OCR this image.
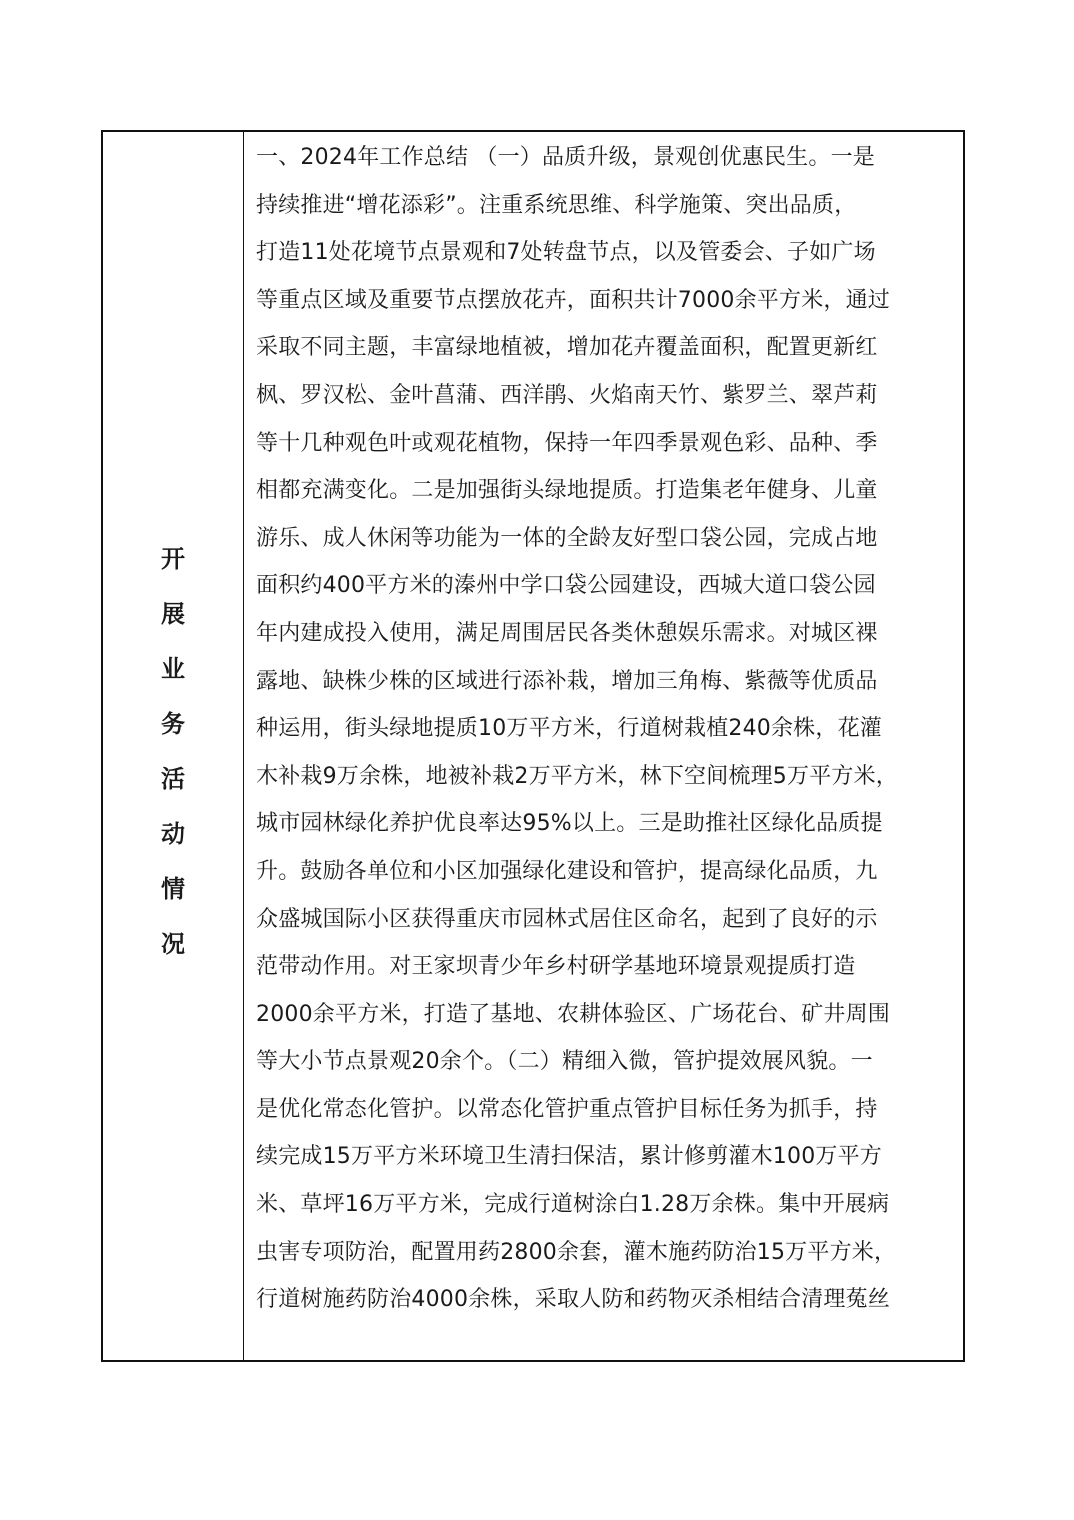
开
展
业
务
活
动
情
况
一、2024年工作总结 （一）品质升级，景观创优惠民生。一是
持续推进“增花添彩”。注重系统思维、科学施策、突出品质，
打造11处花境节点景观和7处转盘节点，以及管委会、子如广场
等重点区域及重要节点摆放花卉，面积共计7000余平方米，通过
采取不同主题，丰富绿地植被，增加花卉覆盖面积，配置更新红
枫、罗汉松、金叶菖蒲、西洋鹃、火焰南天竹、紫罗兰、翠芦莉
等十几种观色叶或观花植物，保持一年四季景观色彩、品种、季
相都充满变化。二是加强街头绿地提质。打造集老年健身、儿童
游乐、成人休闲等功能为一体的全龄友好型口袋公园，完成占地
面积约400平方米的溱州中学口袋公园建设，西城大道口袋公园
年内建成投入使用，满足周围居民各类休憩娱乐需求。对城区裸
露地、缺株少株的区域进行添补栽，增加三角梅、紫薇等优质品
种运用，街头绿地提质10万平方米，行道树栽植240余株，花灌
木补栽9万余株，地被补栽2万平方米，林下空间梳理5万平方米，
城市园林绿化养护优良率达95%以上。三是助推社区绿化品质提
升。鼓励各单位和小区加强绿化建设和管护，提高绿化品质，九
众盛城国际小区获得重庆市园林式居住区命名，起到了良好的示
范带动作用。对王家坝青少年乡村研学基地环境景观提质打造
2000余平方米，打造了基地、农耕体验区、广场花台、矿井周围
等大小节点景观20余个。（二）精细入微，管护提效展风貌。一
是优化常态化管护。以常态化管护重点管护目标任务为抓手，持
续完成15万平方米环境卫生清扫保洁，累计修剪灌木100万平方
米、草坪16万平方米，完成行道树涂白1.28万余株。集中开展病
虫害专项防治，配置用药2800余套，灌木施药防治15万平方米，
行道树施药防治4000余株，采取人防和药物灭杀相结合清理菟丝
